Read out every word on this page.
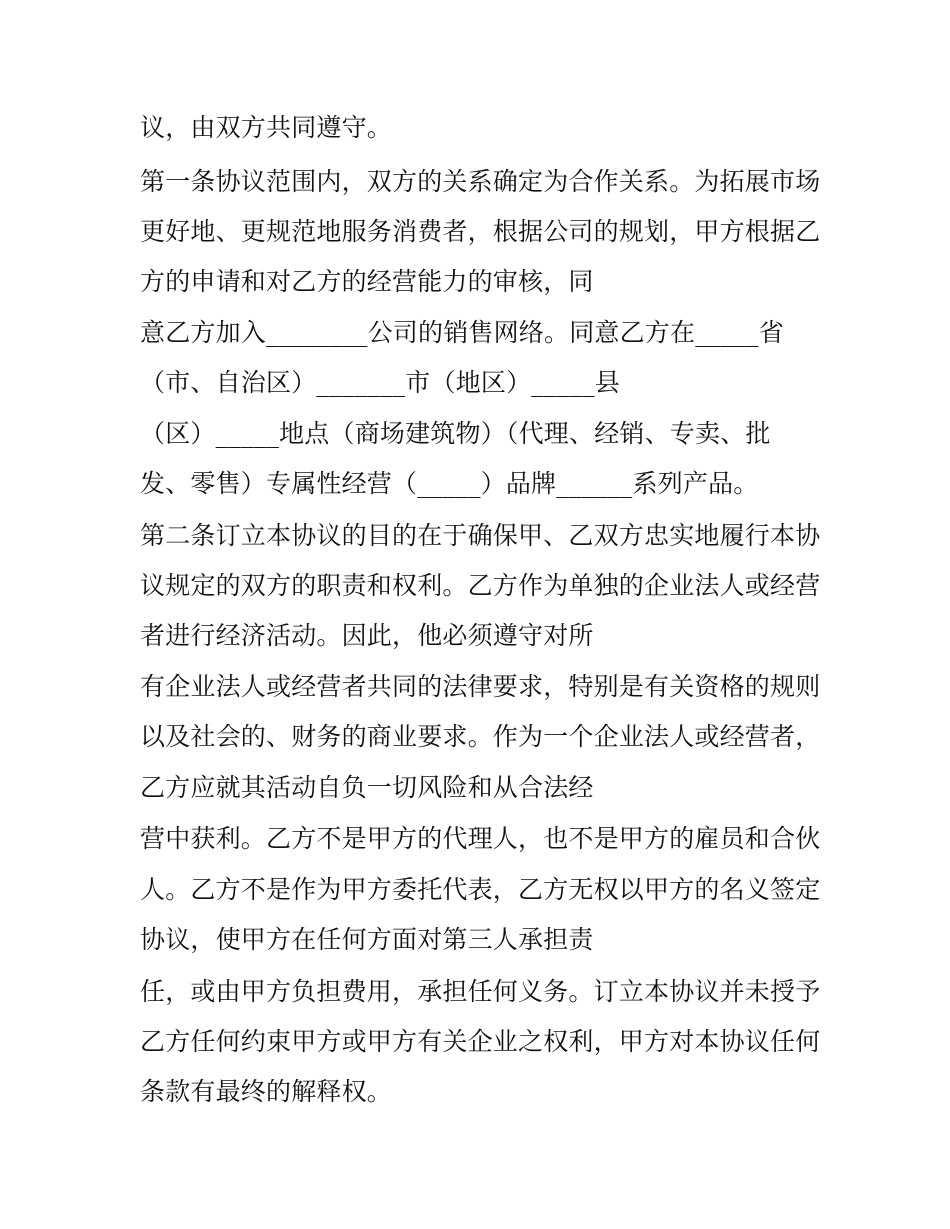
议，由双方共同遵守。
第一条协议范围内，双方的关系确定为合作关系。为拓展市场
更好地、更规范地服务消费者，根据公司的规划，甲方根据乙
方的申请和对乙方的经营能力的审核，同
意乙方加入________公司的销售网络。同意乙方在_____省
（市、自治区）_______市（地区）_____县
（区）_____地点（商场建筑物）（代理、经销、专卖、批
发、零售）专属性经营（_____）品牌______系列产品。
第二条订立本协议的目的在于确保甲、乙双方忠实地履行本协
议规定的双方的职责和权利。乙方作为单独的企业法人或经营
者进行经济活动。因此，他必须遵守对所
有企业法人或经营者共同的法律要求，特别是有关资格的规则
以及社会的、财务的商业要求。作为一个企业法人或经营者，
乙方应就其活动自负一切风险和从合法经
营中获利。乙方不是甲方的代理人，也不是甲方的雇员和合伙
人。乙方不是作为甲方委托代表，乙方无权以甲方的名义签定
协议，使甲方在任何方面对第三人承担责
任，或由甲方负担费用，承担任何义务。订立本协议并未授予
乙方任何约束甲方或甲方有关企业之权利，甲方对本协议任何
条款有最终的解释权。
